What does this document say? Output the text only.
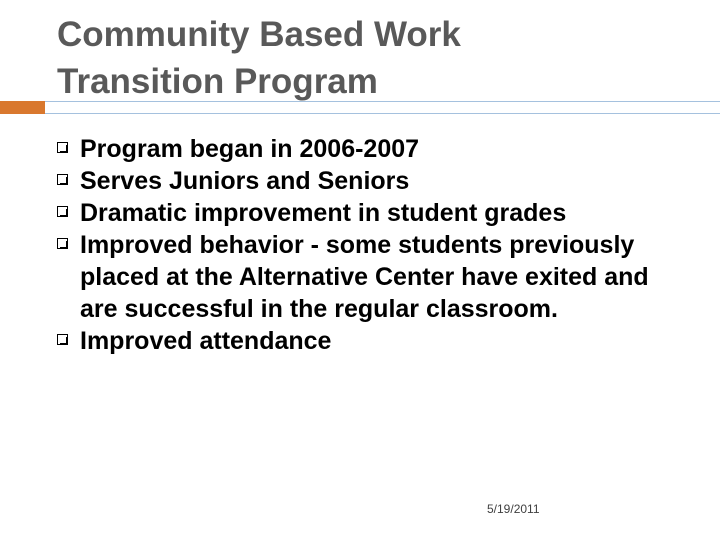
Community Based Work
Transition Program
Program began in 2006-2007
Serves Juniors and Seniors
Dramatic improvement in student grades
Improved behavior - some students previously placed at the Alternative Center have exited and are successful in the regular classroom.
Improved attendance
5/19/2011
